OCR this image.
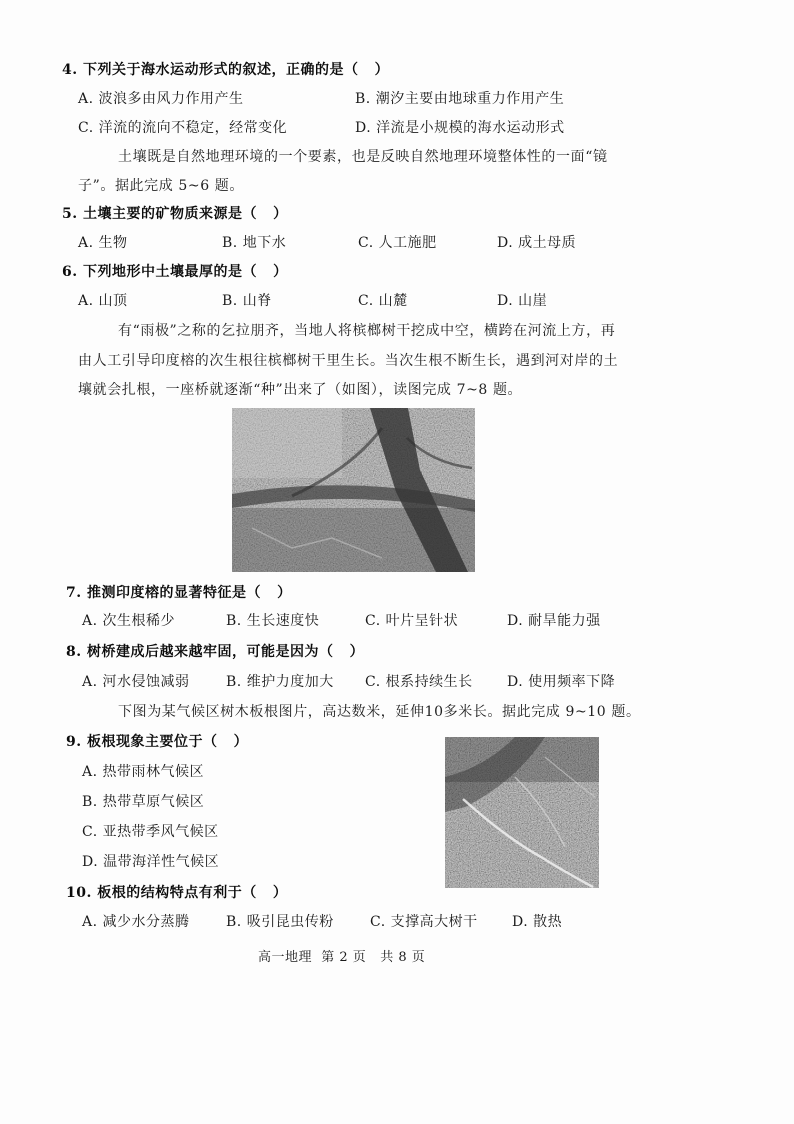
4. 下列关于海水运动形式的叙述，正确的是（   ）
A. 波浪多由风力作用产生	B. 潮汐主要由地球重力作用产生
C. 洋流的流向不稳定，经常变化	D. 洋流是小规模的海水运动形式
土壤既是自然地理环境的一个要素，也是反映自然地理环境整体性的一面“镜
子”。据此完成 5~6 题。
5. 土壤主要的矿物质来源是（   ）
A. 生物	B. 地下水	C. 人工施肥	D. 成土母质
6. 下列地形中土壤最厚的是（   ）
A. 山顶	B. 山脊	C. 山麓	D. 山崖
有“雨极”之称的乞拉朋齐，当地人将槟榔树干挖成中空，横跨在河流上方，再
由人工引导印度榕的次生根往槟榔树干里生长。当次生根不断生长，遇到河对岸的土
壤就会扎根，一座桥就逐渐“种”出来了（如图），读图完成 7~8 题。
7. 推测印度榕的显著特征是（   ）
A. 次生根稀少	B. 生长速度快	C. 叶片呈针状	D. 耐旱能力强
8. 树桥建成后越来越牢固，可能是因为（   ）
A. 河水侵蚀减弱	B. 维护力度加大 C. 根系持续生长 D. 使用频率下降
下图为某气候区树木板根图片，高达数米，延伸10多米长。据此完成 9~10 题。
9. 板根现象主要位于（   ）
A. 热带雨林气候区
B. 热带草原气候区
C. 亚热带季风气候区
D. 温带海洋性气候区
10. 板根的结构特点有利于（   ）
A. 减少水分蒸腾	B. 吸引昆虫传粉	C. 支撑高大树干 D. 散热
高一地理  第 2 页   共 8 页
